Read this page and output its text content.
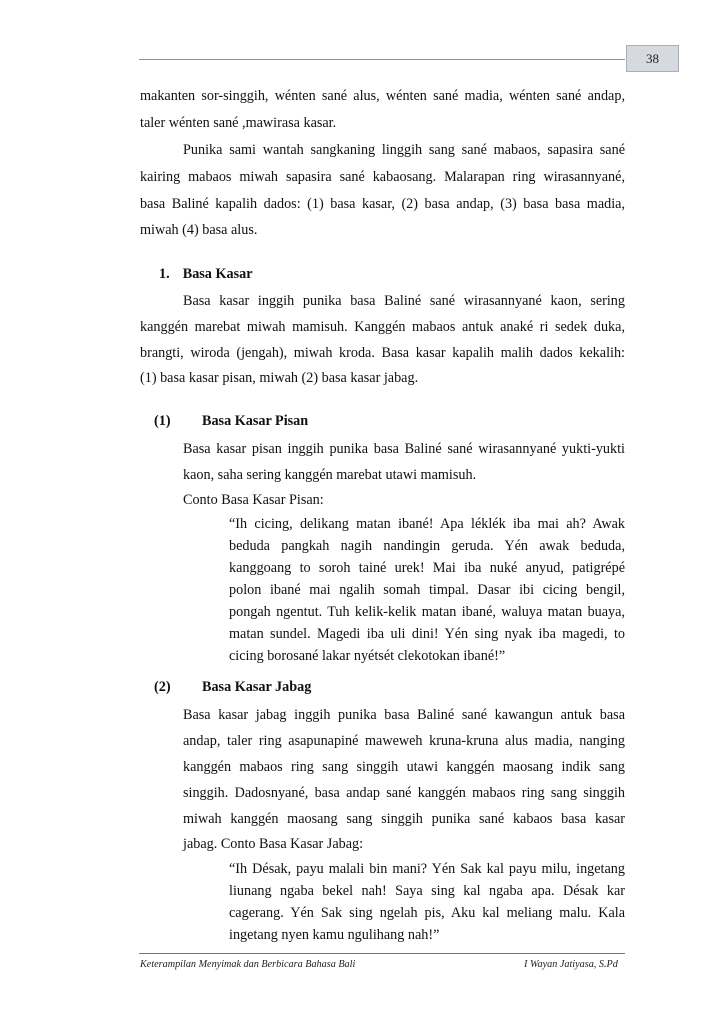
38
makanten sor-singgih, wénten sané alus, wénten sané madia, wénten sané andap,
taler wénten sané ,mawirasa kasar.
Punika sami wantah sangkaning linggih sang sané mabaos, sapasira sané
kairing mabaos miwah sapasira sané kabaosang. Malarapan ring wirasannyané,
basa Baliné kapalih dados: (1) basa kasar, (2) basa andap, (3) basa basa madia,
miwah (4) basa alus.
1. Basa Kasar
Basa kasar inggih punika basa Baliné sané wirasannyané kaon, sering
kanggén marebat miwah mamisuh. Kanggén mabaos antuk anaké ri sedek duka,
brangti, wiroda (jengah), miwah kroda. Basa kasar kapalih malih dados kekalih:
(1) basa kasar pisan, miwah (2) basa kasar jabag.
(1) Basa Kasar Pisan
Basa kasar pisan inggih punika basa Baliné sané wirasannyané yukti-yukti
kaon, saha sering kanggén marebat utawi mamisuh.
Conto Basa Kasar Pisan:
“Ih cicing, delikang matan ibané! Apa léklék iba mai ah? Awak
beduda pangkah nagih nandingin geruda. Yén awak beduda,
kanggoang to soroh tainé urek! Mai iba nuké anyud, patigrépé
polon ibané mai ngalih somah timpal. Dasar ibi cicing bengil,
pongah ngentut. Tuh kelik-kelik matan ibané, waluya matan buaya,
matan sundel. Magedi iba uli dini! Yén sing nyak iba magedi, to
cicing borosané lakar nyétsét clekotokan ibané!”
(2) Basa Kasar Jabag
Basa kasar jabag inggih punika basa Baliné sané kawangun antuk basa
andap, taler ring asapunapiné maweweh kruna-kruna alus madia, nanging
kanggén mabaos ring sang singgih utawi kanggén maosang indik sang
singgih. Dadosnyané, basa andap sané kanggén mabaos ring sang singgih
miwah kanggén maosang sang singgih punika sané kabaos basa kasar
jabag. Conto Basa Kasar Jabag:
“Ih Désak, payu malali bin mani? Yén Sak kal payu milu, ingetang
liunang ngaba bekel nah! Saya sing kal ngaba apa. Désak kar
cagerang. Yén Sak sing ngelah pis, Aku kal meliang malu. Kala
ingetang nyen kamu ngulihang nah!”
Keterampilan Menyimak dan Berbicara Bahasa Bali	I Wayan Jatiyasa, S.Pd
